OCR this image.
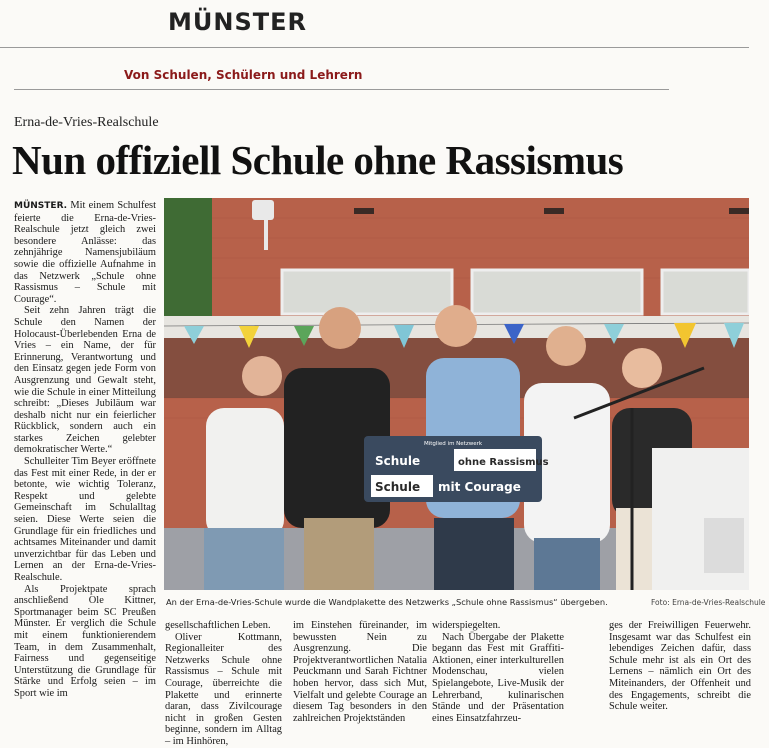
MÜNSTER
Von Schulen, Schülern und Lehrern
Erna-de-Vries-Realschule
Nun offiziell Schule ohne Rassismus

MÜNSTER. Mit einem Schulfest feierte die Erna-de-Vries-Realschule jetzt gleich zwei besondere Anlässe: das zehnjährige Namensjubiläum sowie die offizielle Aufnahme in das Netzwerk „Schule ohne Rassismus – Schule mit Courage“.

Seit zehn Jahren trägt die Schule den Namen der Holocaust-Überlebenden Erna de Vries – ein Name, der für Erinnerung, Verantwortung und den Einsatz gegen jede Form von Ausgrenzung und Gewalt steht, wie die Schule in einer Mitteilung schreibt: „Dieses Jubiläum war deshalb nicht nur ein feierlicher Rückblick, sondern auch ein starkes Zeichen gelebter demokratischer Werte.“

Schulleiter Tim Beyer eröffnete das Fest mit einer Rede, in der er betonte, wie wichtig Toleranz, Respekt und gelebte Gemeinschaft im Schulalltag seien. Diese Werte seien die Grundlage für ein friedliches und achtsames Miteinander und damit unverzichtbar für das Leben und Lernen an der Erna-de-Vries-Realschule.

Als Projektpate sprach anschließend Ole Kittner, Sportmanager beim SC Preußen Münster. Er verglich die Schule mit einem funktionierendem Team, in dem Zusammenhalt, Fairness und gegenseitige Unterstützung die Grundlage für Stärke und Erfolg seien – im Sport wie im

Mitglied im Netzwerk
Schule	ohne Rassismus
Schule mit Courage
An der Erna-de-Vries-Schule wurde die Wandplakette des Netzwerks „Schule ohne Rassismus“ übergeben.	Foto: Erna-de-Vries-Realschule

gesellschaftlichen Leben.

Oliver Kottmann, Regionalleiter des Netzwerks Schule ohne Rassismus – Schule mit Courage, überreichte die Plakette und erinnerte daran, dass Zivilcourage nicht in großen Gesten beginne, sondern im Alltag – im Hinhören,

im Einstehen füreinander, im bewussten Nein zu Ausgrenzung. Die Projektverantwortlichen Natalia Peuckmann und Sarah Fichtner hoben hervor, dass sich Mut, Vielfalt und gelebte Courage an diesem Tag besonders in den zahlreichen Projektständen

widerspiegelten.

Nach Übergabe der Plakette begann das Fest mit Graffiti-Aktionen, einer interkulturellen Modenschau, vielen Spielangebote, Live-Musik der Lehrerband, kulinarischen Stände und der Präsentation eines Einsatzfahrzeu-

ges der Freiwilligen Feuerwehr. Insgesamt war das Schulfest ein lebendiges Zeichen dafür, dass Schule mehr ist als ein Ort des Lernens – nämlich ein Ort des Miteinanders, der Offenheit und des Engagements, schreibt die Schule weiter.
